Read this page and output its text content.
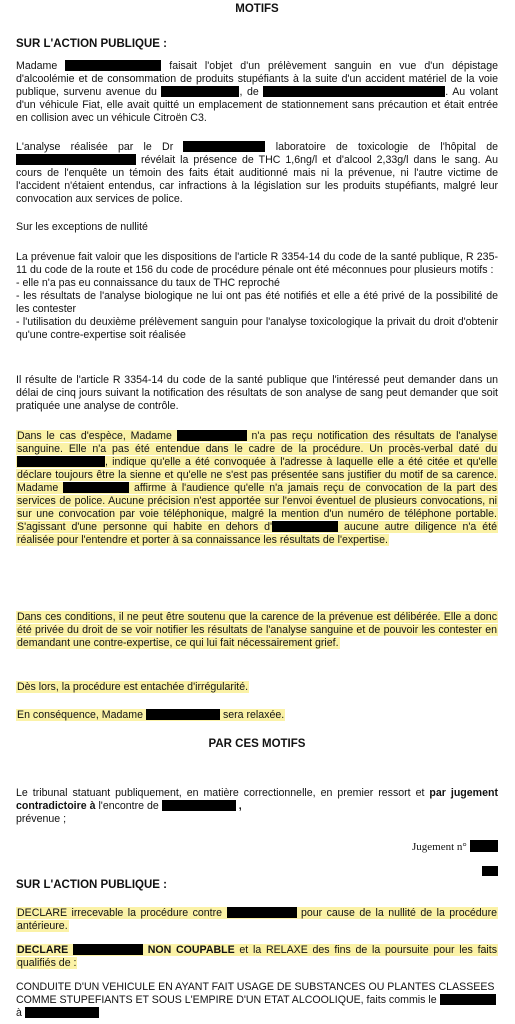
MOTIFS
SUR L'ACTION PUBLIQUE :

Madame	faisait l'objet d'un prélèvement sanguin en vue d'un dépistage d'alcoolémie et de consommation de produits stupéfiants à la suite d'un accident matériel de la voie publique, survenu avenue du	, de	. Au volant d'un véhicule Fiat, elle avait quitté un emplacement de stationnement sans précaution et était entrée en collision avec un véhicule Citroën C3.

L'analyse réalisée par le Dr	laboratoire de toxicologie de l'hôpital de  révélait la présence de THC 1,6ng/l et d'alcool 2,33g/l dans le sang. Au cours de l'enquête un témoin des faits était auditionné mais ni la prévenue, ni l'autre victime de l'accident n'étaient entendus, car infractions à la législation sur les produits stupéfiants, malgré leur convocation aux services de police.

Sur les exceptions de nullité

La prévenue fait valoir que les dispositions de l'article R 3354-14 du code de la santé publique, R 235-11 du code de la route et 156 du code de procédure pénale ont été méconnues pour plusieurs motifs :
- elle n'a pas eu connaissance du taux de THC reproché
- les résultats de l'analyse biologique ne lui ont pas été notifiés et elle a été privé de la possibilité de les contester
- l'utilisation du deuxième prélèvement sanguin pour l'analyse toxicologique la privait du droit d'obtenir qu'une contre-expertise soit réalisée

Il résulte de l'article R 3354-14 du code de la santé publique que l'intéressé peut demander dans un délai de cinq jours suivant la notification des résultats de son analyse de sang peut demander que soit pratiquée une analyse de contrôle.

Dans le cas d'espèce, Madame	n'a pas reçu notification des résultats de l'analyse sanguine. Elle n'a pas été entendue dans le cadre de la procédure. Un procès-verbal daté du , indique qu'elle a été convoquée à l'adresse à laquelle elle a été citée et qu'elle déclare toujours être la sienne et qu'elle ne s'est pas présentée sans justifier du motif de sa carence. Madame	affirme à l'audience qu'elle n'a jamais reçu de convocation de la part des services de police. Aucune précision n'est apportée sur l'envoi éventuel de plusieurs convocations, ni sur une convocation par voie téléphonique, malgré la mention d'un numéro de téléphone portable. S'agissant d'une personne qui habite en dehors d'	aucune autre diligence n'a été réalisée pour l'entendre et porter à sa connaissance les résultats de l'expertise.

Dans ces conditions, il ne peut être soutenu que la carence de la prévenue est délibérée. Elle a donc été privée du droit de se voir notifier les résultats de l'analyse sanguine et de pouvoir les contester en demandant une contre-expertise, ce qui lui fait nécessairement grief.

Dès lors, la procédure est entachée d'irrégularité.

En conséquence, Madame	sera relaxée.

PAR CES MOTIFS

Le tribunal statuant publiquement, en matière correctionnelle, en premier ressort et par jugement contradictoire à l'encontre de	,
prévenue ;

Jugement n°
SUR L'ACTION PUBLIQUE :

DECLARE irrecevable la procédure contre	pour cause de la nullité de la procédure antérieure.

DECLARE	NON COUPABLE et la RELAXE des fins de la poursuite pour les faits qualifiés de :

CONDUITE D'UN VEHICULE EN AYANT FAIT USAGE DE SUBSTANCES OU PLANTES CLASSEES COMME STUPEFIANTS ET SOUS L'EMPIRE D'UN ETAT ALCOOLIQUE, faits commis le  à
